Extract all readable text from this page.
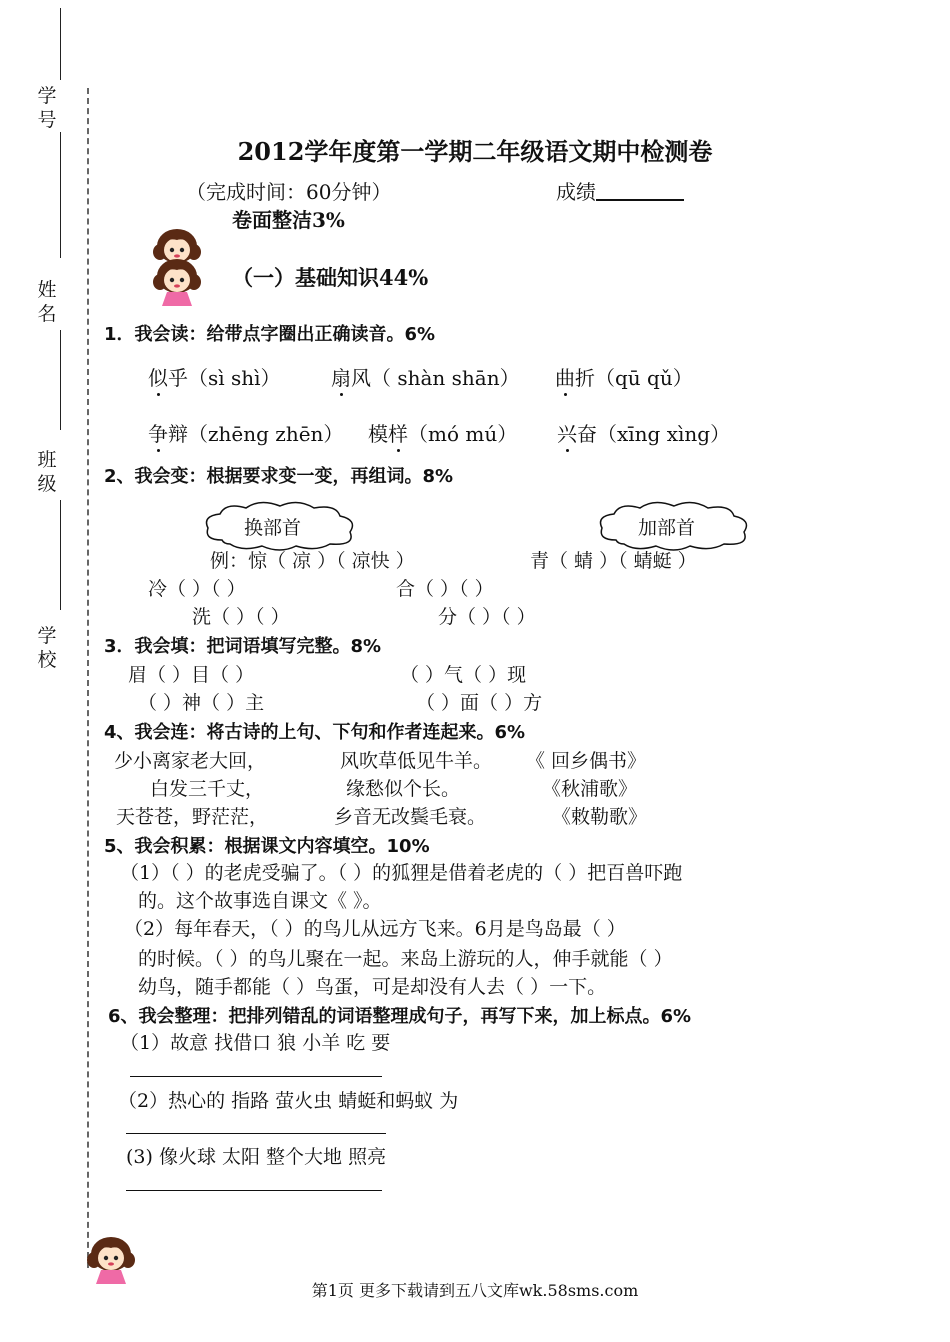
学号
姓名
班级
学校
2012学年度第一学期二年级语文期中检测卷
（完成时间：60分钟）	成绩
卷面整洁3%
（一）基础知识44%
1．我会读：给带点字圈出正确读音。6%
似乎（sì shì）	扇风（ shàn shān） 曲折（qū qǔ）
争辩（zhēng zhēn） 模样（mó mú） 兴奋（xīng xìng）
2、我会变：根据要求变一变，再组词。8%
换部首	加部首
例：惊（ 凉 ）（ 凉快 ）	青（ 蜻 ）（ 蜻蜓 ）
冷（ ）（ ）	合（ ）（ ）
洗（ ）（ ）	分（ ）（ ）
3．我会填：把词语填写完整。8%
眉（ ）目（ ）	（ ）气（ ）现
（ ）神（ ）主	（ ）面（ ）方
4、我会连：将古诗的上句、下句和作者连起来。6%
少小离家老大回，	风吹草低见牛羊。 《 回乡偶书》
白发三千丈，	缘愁似个长。	《秋浦歌》
天苍苍，野茫茫，	乡音无改鬓毛衰。	《敕勒歌》
5、我会积累：根据课文内容填空。10%
（1）（ ）的老虎受骗了。（ ）的狐狸是借着老虎的（ ）把百兽吓跑
的。这个故事选自课文《 》。
（2）每年春天，（ ）的鸟儿从远方飞来。6月是鸟岛最（ ）
的时候。（ ）的鸟儿聚在一起。来岛上游玩的人，伸手就能（ ）
幼鸟，随手都能（ ）鸟蛋，可是却没有人去（ ）一下。
6、我会整理：把排列错乱的词语整理成句子，再写下来，加上标点。6%
（1）故意 找借口 狼 小羊 吃 要
（2）热心的 指路 萤火虫 蜻蜓和蚂蚁 为
(3) 像火球 太阳 整个大地 照亮
第1页 更多下载请到五八文库wk.58sms.com
